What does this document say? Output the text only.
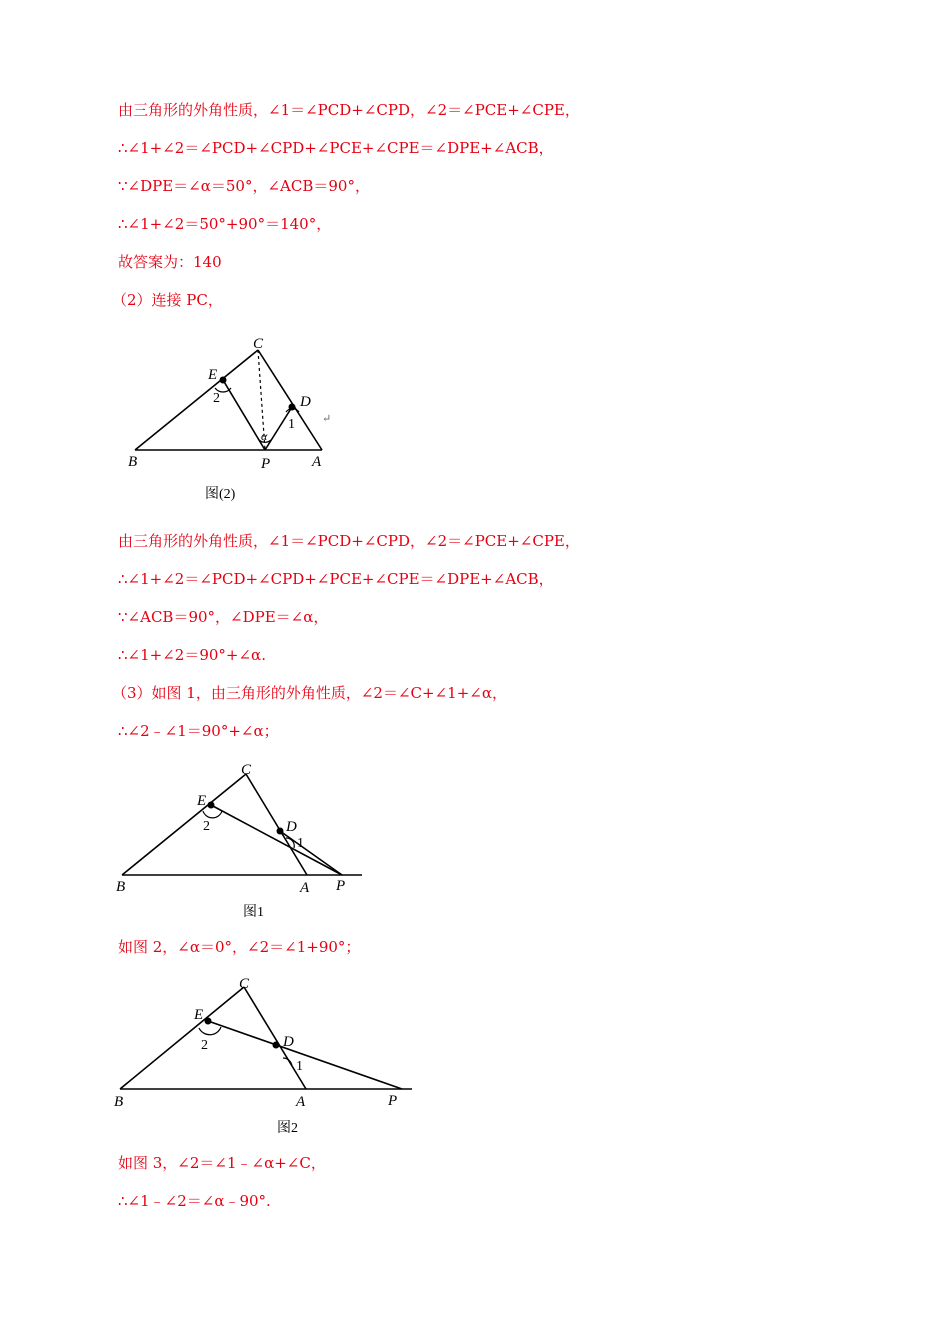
由三角形的外角性质，∠1＝∠PCD+∠CPD，∠2＝∠PCE+∠CPE，
∴∠1+∠2＝∠PCD+∠CPD+∠PCE+∠CPE＝∠DPE+∠ACB，
∵∠DPE＝∠α＝50°，∠ACB＝90°，
∴∠1+∠2＝50°+90°＝140°，
故答案为：140
（2）连接 PC，
C
E
D
B	P	A
1
2
α
↵
图(2)
由三角形的外角性质，∠1＝∠PCD+∠CPD，∠2＝∠PCE+∠CPE，
∴∠1+∠2＝∠PCD+∠CPD+∠PCE+∠CPE＝∠DPE+∠ACB，
∵∠ACB＝90°，∠DPE＝∠α，
∴∠1+∠2＝90°+∠α.
（3）如图 1，由三角形的外角性质，∠2＝∠C+∠1+∠α，
∴∠2﹣∠1＝90°+∠α；
C
E
D
B	A P
1
2
图1
如图 2，∠α＝0°，∠2＝∠1+90°；
C
E
D
B	A	P
1
2
图2
如图 3，∠2＝∠1﹣∠α+∠C，
∴∠1﹣∠2＝∠α﹣90°.
